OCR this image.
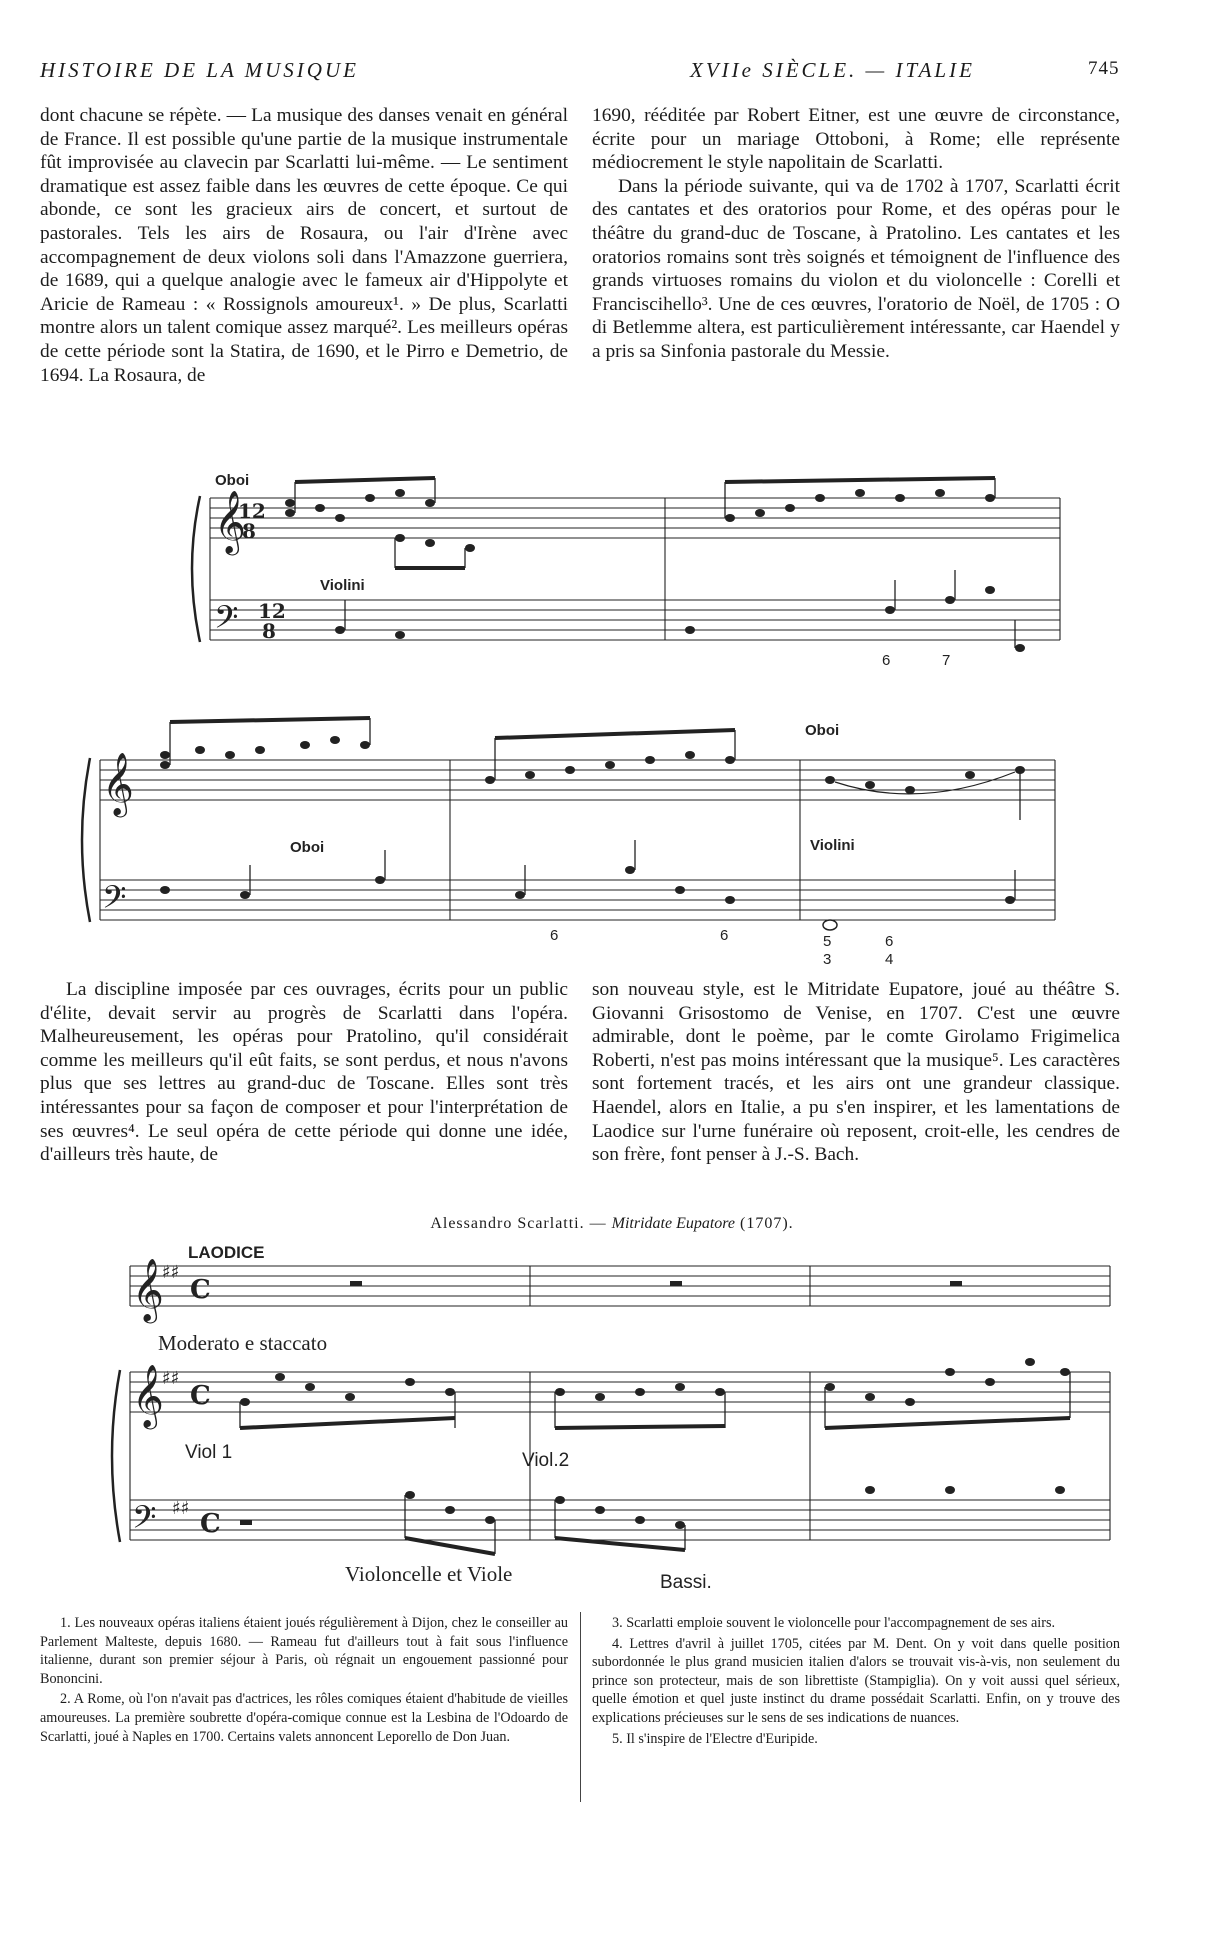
HISTOIRE DE LA MUSIQUE	XVIIe SIÈCLE. — ITALIE	745

dont chacune se répète. — La musique des danses venait en général de France. Il est possible qu'une partie de la musique instrumentale fût improvisée au clavecin par Scarlatti lui-même. — Le sentiment dramatique est assez faible dans les œuvres de cette époque. Ce qui abonde, ce sont les gracieux airs de concert, et surtout de pastorales. Tels les airs de Rosaura, ou l'air d'Irène avec accompagnement de deux violons soli dans l'Amazzone guerriera, de 1689, qui a quelque analogie avec le fameux air d'Hippolyte et Aricie de Rameau : « Rossignols amoureux¹. » De plus, Scarlatti montre alors un talent comique assez marqué². Les meilleurs opéras de cette période sont la Statira, de 1690, et le Pirro e Demetrio, de 1694. La Rosaura, de

1690, rééditée par Robert Eitner, est une œuvre de circonstance, écrite pour un mariage Ottoboni, à Rome; elle représente médiocrement le style napolitain de Scarlatti.

Dans la période suivante, qui va de 1702 à 1707, Scarlatti écrit des cantates et des oratorios pour Rome, et des opéras pour le théâtre du grand-duc de Toscane, à Pratolino. Les cantates et les oratorios romains sont très soignés et témoignent de l'influence des grands virtuoses romains du violon et du violoncelle : Corelli et Franciscihello³. Une de ces œuvres, l'oratorio de Noël, de 1705 : O di Betlemme altera, est particulièrement intéressante, car Haendel y a pris sa Sinfonia pastorale du Messie.

𝄞
𝄢
12
8
12
8
Oboi
Violini
6	7
𝄞
𝄢
Oboi
Oboi
Violini
6	6	5	6
3	4

La discipline imposée par ces ouvrages, écrits pour un public d'élite, devait servir au progrès de Scarlatti dans l'opéra. Malheureusement, les opéras pour Pratolino, qu'il considérait comme les meilleurs qu'il eût faits, se sont perdus, et nous n'avons plus que ses lettres au grand-duc de Toscane. Elles sont très intéressantes pour sa façon de composer et pour l'interprétation de ses œuvres⁴. Le seul opéra de cette période qui donne une idée, d'ailleurs très haute, de

son nouveau style, est le Mitridate Eupatore, joué au théâtre S. Giovanni Grisostomo de Venise, en 1707. C'est une œuvre admirable, dont le poème, par le comte Girolamo Frigimelica Roberti, n'est pas moins intéressant que la musique⁵. Les caractères sont fortement tracés, et les airs ont une grandeur classique. Haendel, alors en Italie, a pu s'en inspirer, et les lamentations de Laodice sur l'urne funéraire où reposent, croit-elle, les cendres de son frère, font penser à J.-S. Bach.

Alessandro Scarlatti. — Mitridate Eupatore (1707).
𝄞
𝄞
𝄢
♯♯
♯♯
♯♯
C
C
C
LAODICE
Moderato e staccato
Viol 1	Viol.2
Violoncelle et Viole	Bassi.

1. Les nouveaux opéras italiens étaient joués régulièrement à Dijon, chez le conseiller au Parlement Malteste, depuis 1680. — Rameau fut d'ailleurs tout à fait sous l'influence italienne, durant son premier séjour à Paris, où régnait un engouement passionné pour Bononcini.

2. A Rome, où l'on n'avait pas d'actrices, les rôles comiques étaient d'habitude de vieilles amoureuses. La première soubrette d'opéra-comique connue est la Lesbina de l'Odoardo de Scarlatti, joué à Naples en 1700. Certains valets annoncent Leporello de Don Juan.

3. Scarlatti emploie souvent le violoncelle pour l'accompagnement de ses airs.

4. Lettres d'avril à juillet 1705, citées par M. Dent. On y voit dans quelle position subordonnée le plus grand musicien italien d'alors se trouvait vis-à-vis, non seulement du prince son protecteur, mais de son librettiste (Stampiglia). On y voit aussi quel sérieux, quelle émotion et quel juste instinct du drame possédait Scarlatti. Enfin, on y trouve des explications précieuses sur le sens de ses indications de nuances.

5. Il s'inspire de l'Electre d'Euripide.
